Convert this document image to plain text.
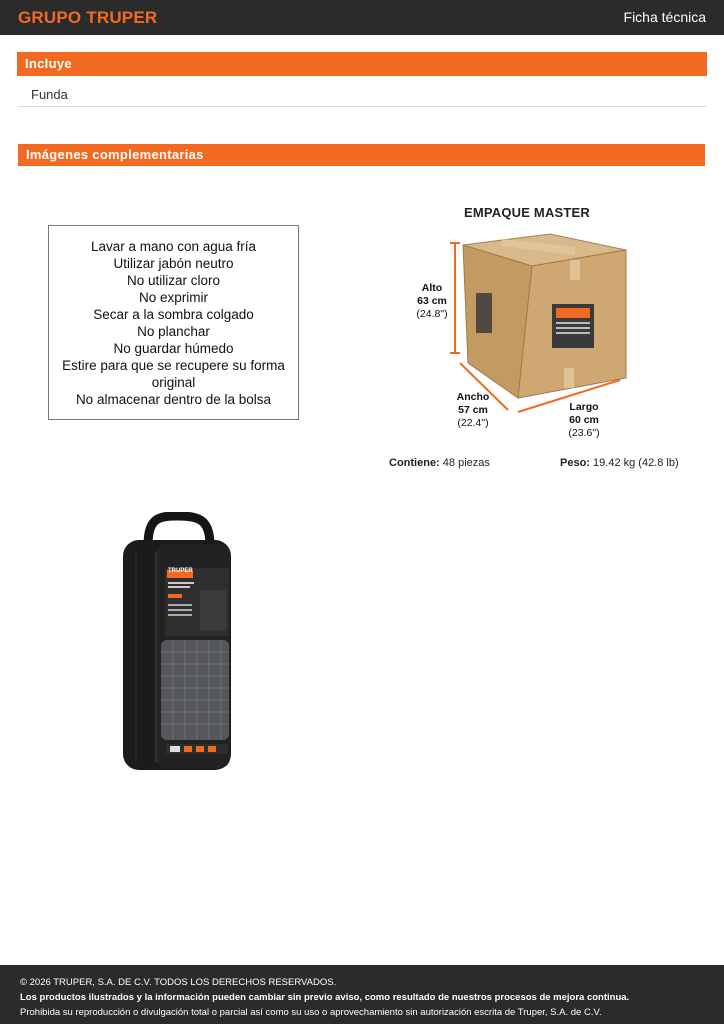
GRUPO TRUPER	Ficha técnica
Incluye
Funda
Imágenes complementarias
Lavar a mano con agua fría
Utilizar jabón neutro
No utilizar cloro
No exprimir
Secar a la sombra colgado
No planchar
No guardar húmedo
Estire para que se recupere su forma
original
No almacenar dentro de la bolsa
EMPAQUE MASTER
Alto
63 cm
(24.8")
Ancho
57 cm
(22.4")
Largo
60 cm
(23.6")
Contiene: 48 piezas	Peso: 19.42 kg (42.8 lb)
TRUPER
© 2026 TRUPER, S.A. DE C.V. TODOS LOS DERECHOS RESERVADOS.
Los productos ilustrados y la información pueden cambiar sin previo aviso, como resultado de nuestros procesos de mejora continua.
Prohibida su reproducción o divulgación total o parcial así como su uso o aprovechamiento sin autorización escrita de Truper, S.A. de C.V.
